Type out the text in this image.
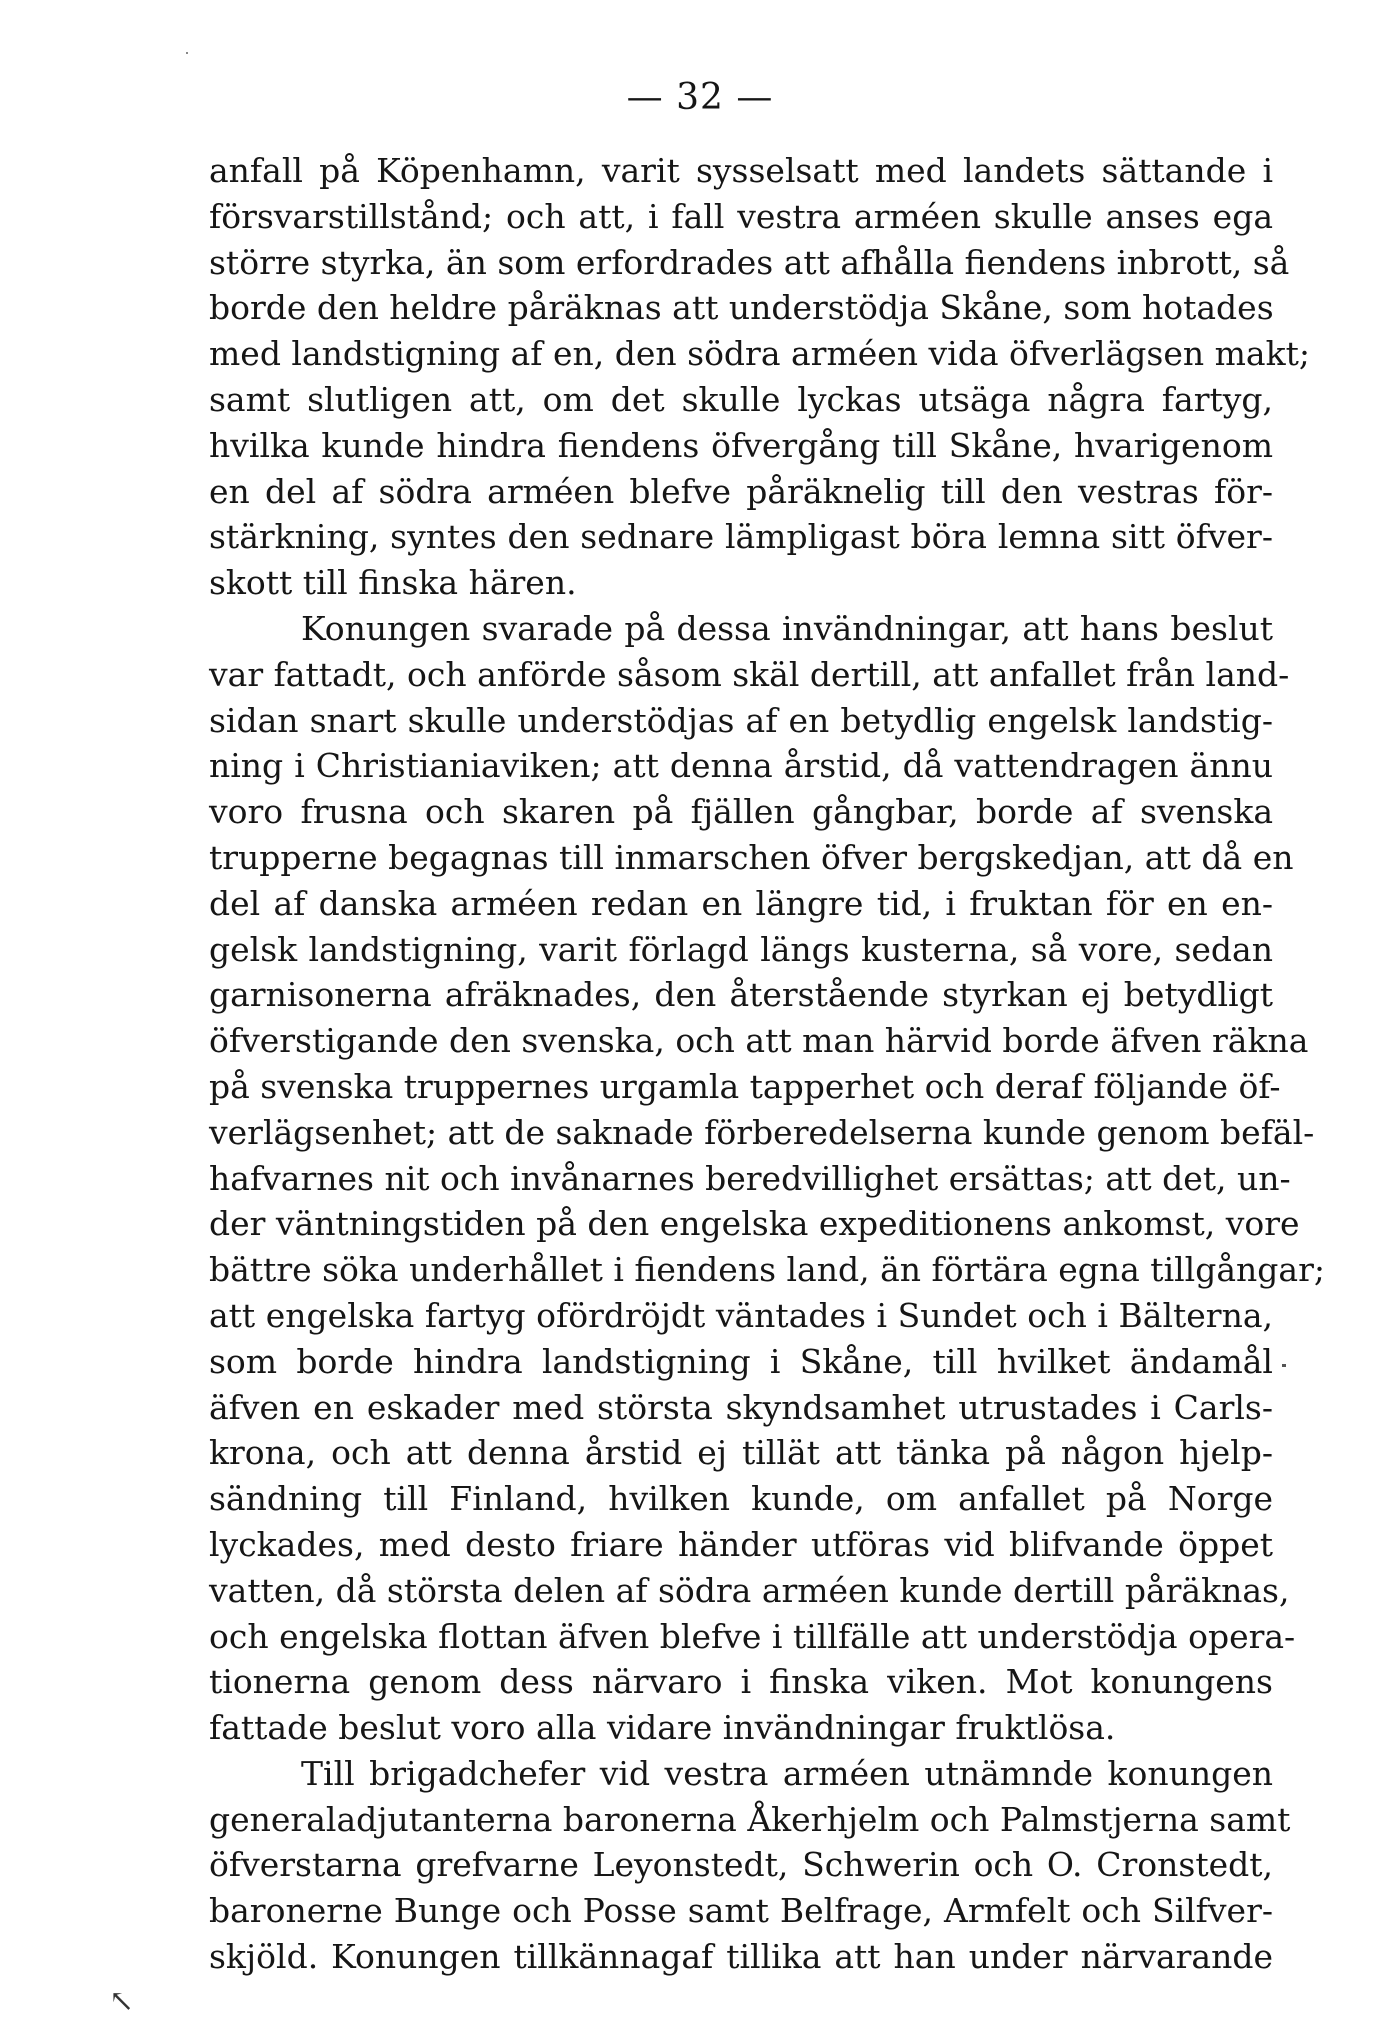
— 32 —
anfall på Köpenhamn, varit sysselsatt med landets sättande i
försvarstillstånd; och att, i fall vestra arméen skulle anses ega
större styrka, än som erfordrades att afhålla fiendens inbrott, så
borde den heldre påräknas att understödja Skåne, som hotades
med landstigning af en, den södra arméen vida öfverlägsen makt;
samt slutligen att, om det skulle lyckas utsäga några fartyg,
hvilka kunde hindra fiendens öfvergång till Skåne, hvarigenom
en del af södra arméen blefve påräknelig till den vestras för-
stärkning, syntes den sednare lämpligast böra lemna sitt öfver-
skott till finska hären.
Konungen svarade på dessa invändningar, att hans beslut
var fattadt, och anförde såsom skäl dertill, att anfallet från land-
sidan snart skulle understödjas af en betydlig engelsk landstig-
ning i Christianiaviken; att denna årstid, då vattendragen ännu
voro frusna och skaren på fjällen gångbar, borde af svenska
trupperne begagnas till inmarschen öfver bergskedjan, att då en
del af danska arméen redan en längre tid, i fruktan för en en-
gelsk landstigning, varit förlagd längs kusterna, så vore, sedan
garnisonerna afräknades, den återstående styrkan ej betydligt
öfverstigande den svenska, och att man härvid borde äfven räkna
på svenska truppernes urgamla tapperhet och deraf följande öf-
verlägsenhet; att de saknade förberedelserna kunde genom befäl-
hafvarnes nit och invånarnes beredvillighet ersättas; att det, un-
der väntningstiden på den engelska expeditionens ankomst, vore
bättre söka underhållet i fiendens land, än förtära egna tillgångar;
att engelska fartyg ofördröjdt väntades i Sundet och i Bälterna,
som borde hindra landstigning i Skåne, till hvilket ändamål
äfven en eskader med största skyndsamhet utrustades i Carls-
krona, och att denna årstid ej tillät att tänka på någon hjelp-
sändning till Finland, hvilken kunde, om anfallet på Norge
lyckades, med desto friare händer utföras vid blifvande öppet
vatten, då största delen af södra arméen kunde dertill påräknas,
och engelska flottan äfven blefve i tillfälle att understödja opera-
tionerna genom dess närvaro i finska viken. Mot konungens
fattade beslut voro alla vidare invändningar fruktlösa.
Till brigadchefer vid vestra arméen utnämnde konungen
generaladjutanterna baronerna Åkerhjelm och Palmstjerna samt
öfverstarna grefvarne Leyonstedt, Schwerin och O. Cronstedt,
baronerne Bunge och Posse samt Belfrage, Armfelt och Silfver-
skjöld. Konungen tillkännagaf tillika att han under närvarande
↖
